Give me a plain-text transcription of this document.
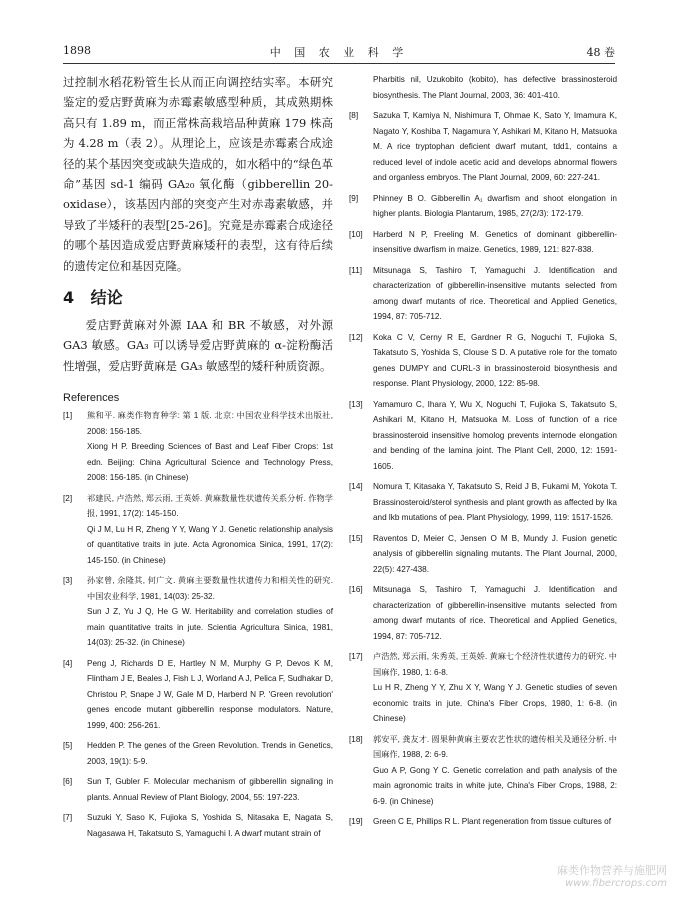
1898	中 国 农 业 科 学	48 卷

过控制水稻花粉管生长从而正向调控结实率。本研究鉴定的爱店野黄麻为赤霉素敏感型种质，其成熟期株高只有 1.89 m，而正常株高栽培品种黄麻 179 株高为 4.28 m（表 2）。从理论上，应该是赤霉素合成途径的某个基因突变或缺失造成的，如水稻中的“绿色革命”基因 sd-1 编码 GA₂₀ 氧化酶（gibberellin 20-oxidase），该基因内部的突变产生对赤毒素敏感，并导致了半矮秆的表型[25-26]。究竟是赤霉素合成途径的哪个基因造成爱店野黄麻矮秆的表型，这有待后续的遗传定位和基因克隆。

4 结论

爱店野黄麻对外源 IAA 和 BR 不敏感，对外源 GA3 敏感。GA₃ 可以诱导爱店野黄麻的 α-淀粉酶活性增强，爱店野黄麻是 GA₃ 敏感型的矮秆种质资源。

References
[1] 熊和平. 麻类作物育种学: 第 1 版. 北京: 中国农业科学技术出版社, 2008: 156-185.
Xiong H P. Breeding Sciences of Bast and Leaf Fiber Crops: 1st edn. Beijing: China Agricultural Science and Technology Press, 2008: 156-185. (in Chinese)
[2] 祁建民, 卢浩然, 郑云雨, 王英娇. 黄麻数量性状遗传关系分析. 作物学报, 1991, 17(2): 145-150.
Qi J M, Lu H R, Zheng Y Y, Wang Y J. Genetic relationship analysis of quantitative traits in jute. Acta Agronomica Sinica, 1991, 17(2): 145-150. (in Chinese)
[3] 孙家曾, 余隆其, 何广文. 黄麻主要数量性状遗传力和相关性的研究. 中国农业科学, 1981, 14(03): 25-32.
Sun J Z, Yu J Q, He G W. Heritability and correlation studies of main quantitative traits in jute. Scientia Agricultura Sinica, 1981, 14(03): 25-32. (in Chinese)
[4] Peng J, Richards D E, Hartley N M, Murphy G P, Devos K M, Flintham J E, Beales J, Fish L J, Worland A J, Pelica F, Sudhakar D, Christou P, Snape J W, Gale M D, Harberd N P. 'Green revolution' genes encode mutant gibberellin response modulators. Nature, 1999, 400: 256-261.
[5] Hedden P. The genes of the Green Revolution. Trends in Genetics, 2003, 19(1): 5-9.
[6] Sun T, Gubler F. Molecular mechanism of gibberellin signaling in plants. Annual Review of Plant Biology, 2004, 55: 197-223.
[7] Suzuki Y, Saso K, Fujioka S, Yoshida S, Nitasaka E, Nagata S, Nagasawa H, Takatsuto S, Yamaguchi I. A dwarf mutant strain of
Pharbitis nil, Uzukobito (kobito), has defective brassinosteroid biosynthesis. The Plant Journal, 2003, 36: 401-410.
[8] Sazuka T, Kamiya N, Nishimura T, Ohmae K, Sato Y, Imamura K, Nagato Y, Koshiba T, Nagamura Y, Ashikari M, Kitano H, Matsuoka M. A rice tryptophan deficient dwarf mutant, tdd1, contains a reduced level of indole acetic acid and develops abnormal flowers and organless embryos. The Plant Journal, 2009, 60: 227-241.
[9] Phinney B O. Gibberellin A₁ dwarfism and shoot elongation in higher plants. Biologia Plantarum, 1985, 27(2/3): 172-179.
[10] Harberd N P, Freeling M. Genetics of dominant gibberellin-insensitive dwarfism in maize. Genetics, 1989, 121: 827-838.
[11] Mitsunaga S, Tashiro T, Yamaguchi J. Identification and characterization of gibberellin-insensitive mutants selected from among dwarf mutants of rice. Theoretical and Applied Genetics, 1994, 87: 705-712.
[12] Koka C V, Cerny R E, Gardner R G, Noguchi T, Fujioka S, Takatsuto S, Yoshida S, Clouse S D. A putative role for the tomato genes DUMPY and CURL-3 in brassinosteroid biosynthesis and response. Plant Physiology, 2000, 122: 85-98.
[13] Yamamuro C, Ihara Y, Wu X, Noguchi T, Fujioka S, Takatsuto S, Ashikari M, Kitano H, Matsuoka M. Loss of function of a rice brassinosteroid insensitive homolog prevents internode elongation and bending of the lamina joint. The Plant Cell, 2000, 12: 1591-1605.
[14] Nomura T, Kitasaka Y, Takatsuto S, Reid J B, Fukami M, Yokota T. Brassinosteroid/sterol synthesis and plant growth as affected by lka and lkb mutations of pea. Plant Physiology, 1999, 119: 1517-1526.
[15] Raventos D, Meier C, Jensen O M B, Mundy J. Fusion genetic analysis of gibberellin signaling mutants. The Plant Journal, 2000, 22(5): 427-438.
[16] Mitsunaga S, Tashiro T, Yamaguchi J. Identification and characterization of gibberellin-insensitive mutants selected from among dwarf mutants of rice. Theoretical and Applied Genetics, 1994, 87: 705-712.
[17] 卢浩然, 郑云雨, 朱秀英, 王英娇. 黄麻七个经济性状遗传力的研究. 中国麻作, 1980, 1: 6-8.
Lu H R, Zheng Y Y, Zhu X Y, Wang Y J. Genetic studies of seven economic traits in jute. China's Fiber Crops, 1980, 1: 6-8. (in Chinese)
[18] 郭安平, 龚友才. 圆果种黄麻主要农艺性状的遗传相关及通径分析. 中国麻作, 1988, 2: 6-9.
Guo A P, Gong Y C. Genetic correlation and path analysis of the main agronomic traits in white jute, China's Fiber Crops, 1988, 2: 6-9. (in Chinese)
[19] Green C E, Phillips R L. Plant regeneration from tissue cultures of
麻类作物营养与施肥网
www.fibercrops.com
